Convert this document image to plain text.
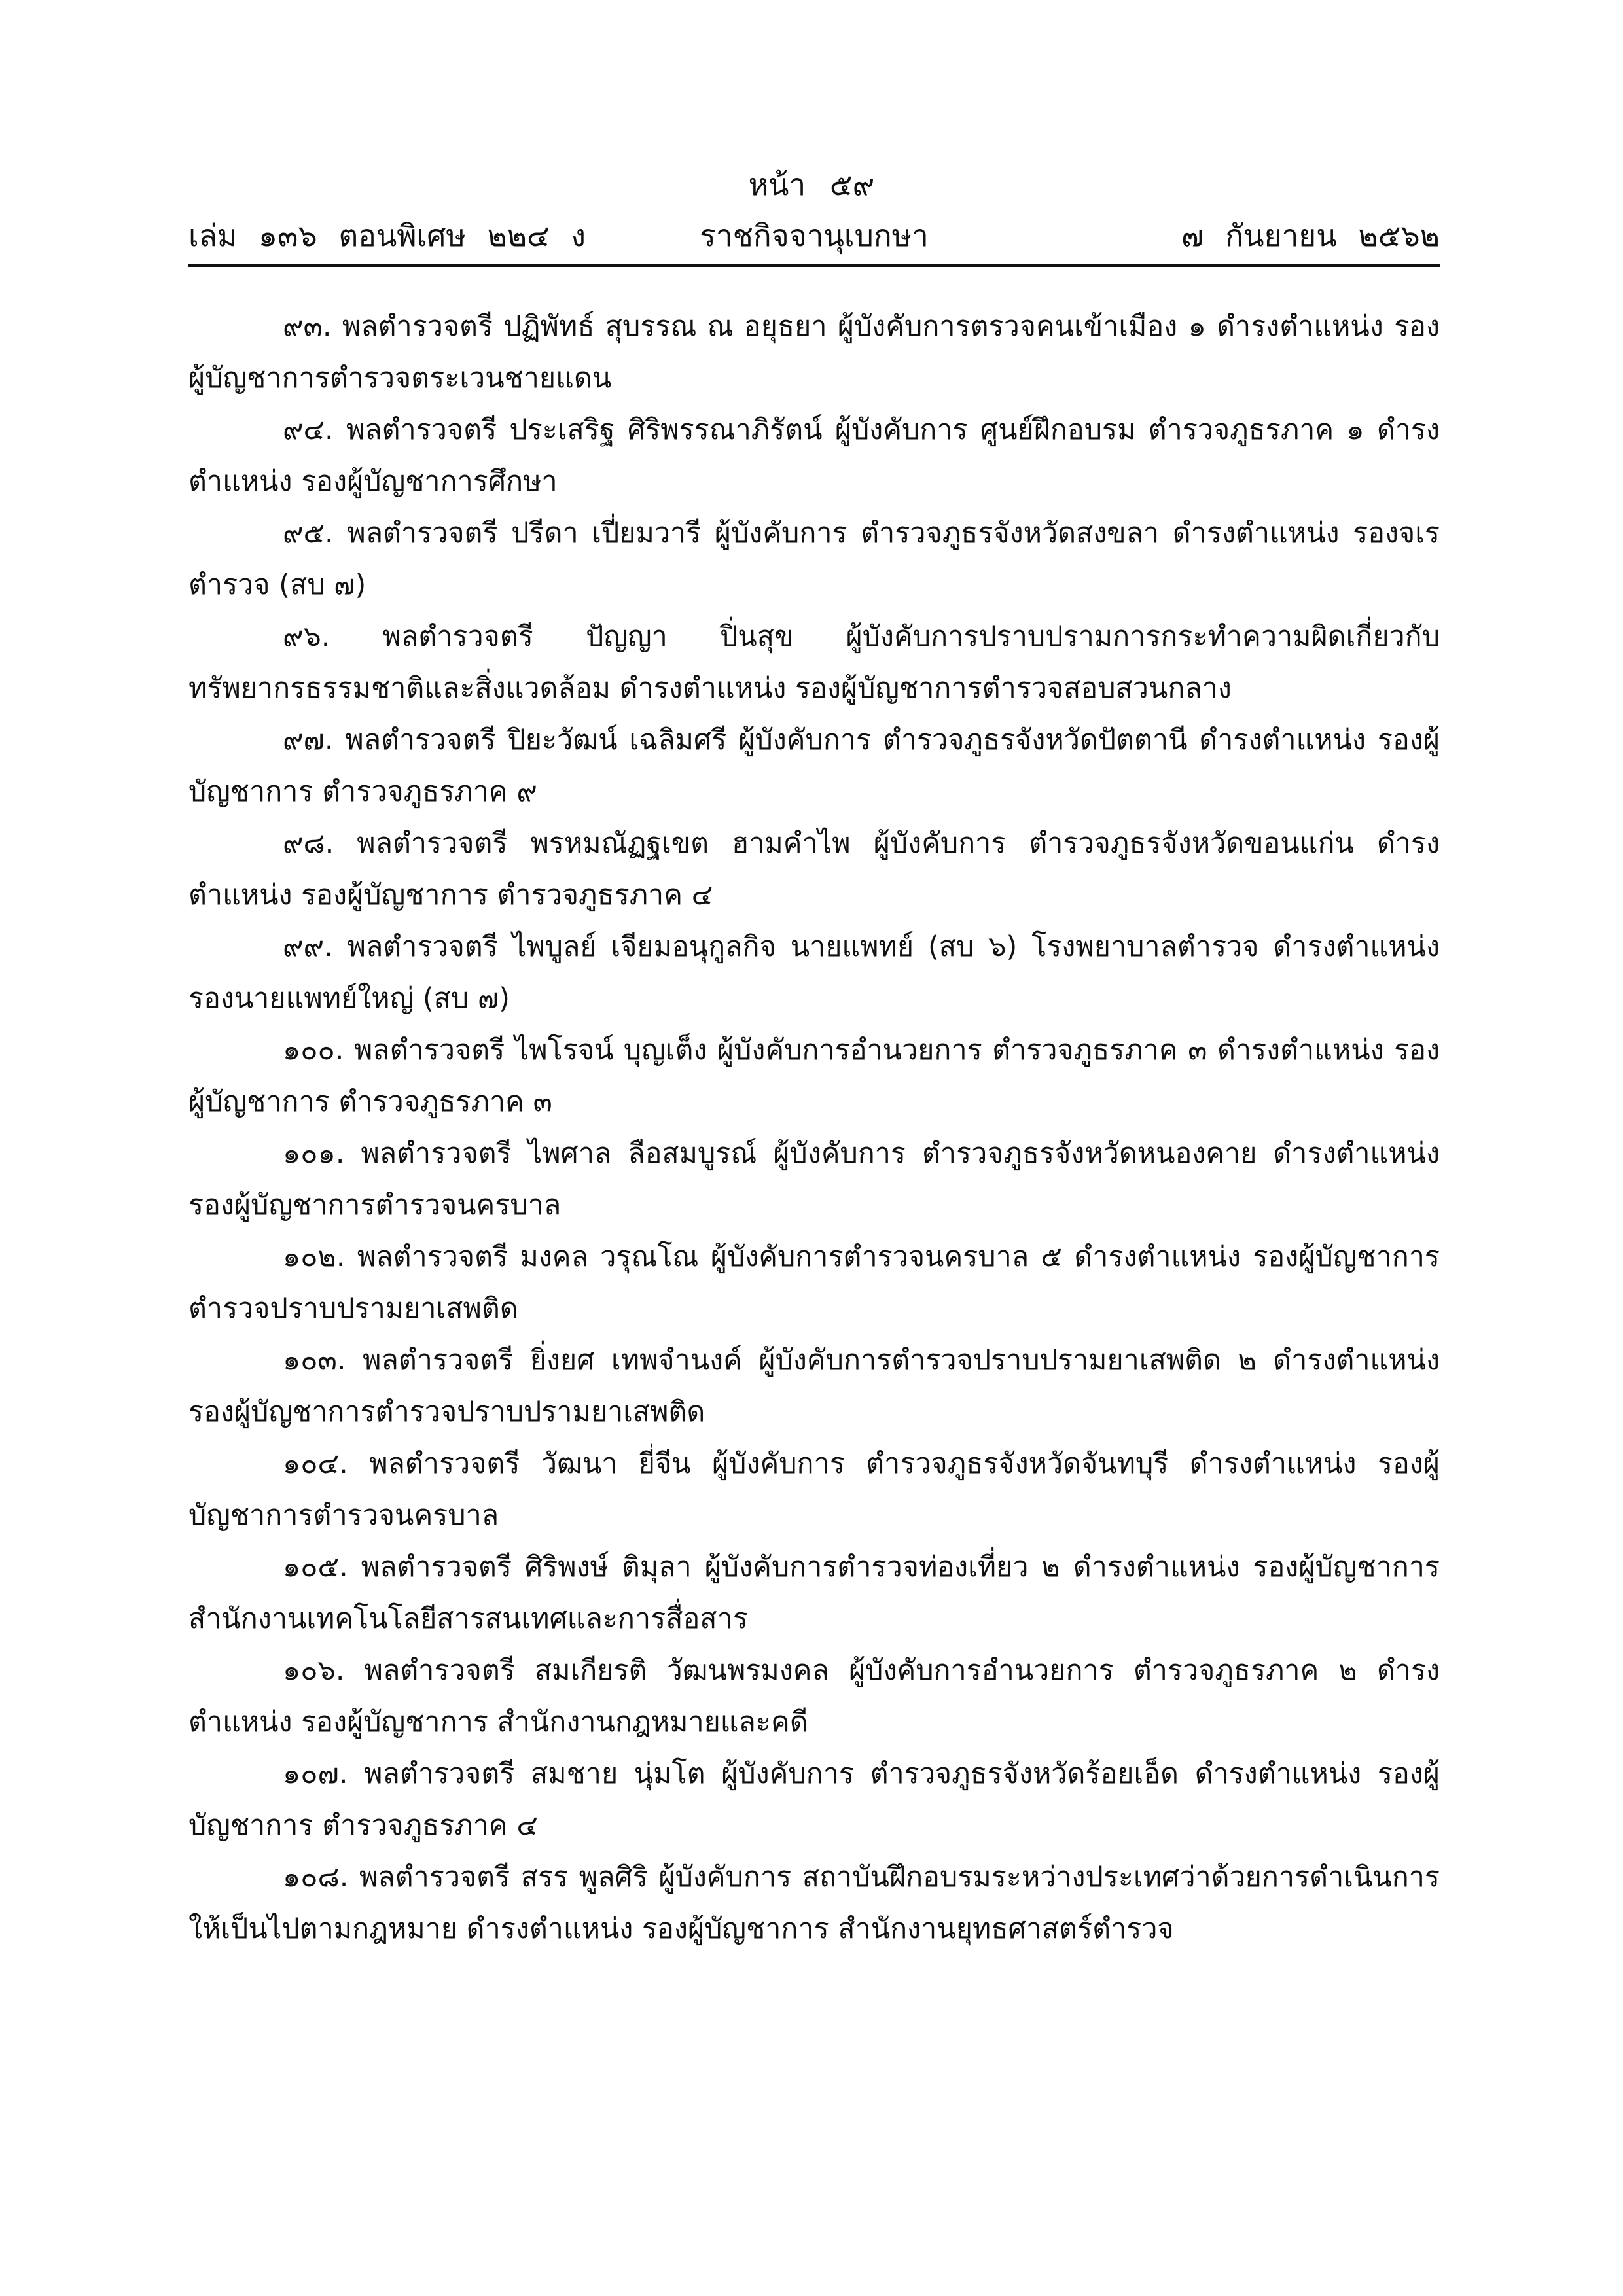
หน้า ๕๙
ราชกิจจานุเบกษา
เล่ม ๑๓๖ ตอนพิเศษ ๒๒๔ ง	๗ กันยายน ๒๕๖๒

๙๓. พลตำรวจตรี ปฏิพัทธ์ สุบรรณ ณ อยุธยา ผู้บังคับการตรวจคนเข้าเมือง ๑ ดำรงตำแหน่ง รองผู้บัญชาการตำรวจตระเวนชายแดน

๙๔. พลตำรวจตรี ประเสริฐ ศิริพรรณาภิรัตน์ ผู้บังคับการ ศูนย์ฝึกอบรม ตำรวจภูธรภาค ๑ ดำรงตำแหน่ง รองผู้บัญชาการศึกษา

๙๕. พลตำรวจตรี ปรีดา เปี่ยมวารี ผู้บังคับการ ตำรวจภูธรจังหวัดสงขลา ดำรงตำแหน่ง รองจเรตำรวจ (สบ ๗)

๙๖. พลตำรวจตรี ปัญญา ปิ่นสุข ผู้บังคับการปราบปรามการกระทำความผิดเกี่ยวกับทรัพยากรธรรมชาติและสิ่งแวดล้อม ดำรงตำแหน่ง รองผู้บัญชาการตำรวจสอบสวนกลาง

๙๗. พลตำรวจตรี ปิยะวัฒน์ เฉลิมศรี ผู้บังคับการ ตำรวจภูธรจังหวัดปัตตานี ดำรงตำแหน่ง รองผู้บัญชาการ ตำรวจภูธรภาค ๙

๙๘. พลตำรวจตรี พรหมณัฏฐเขต ฮามคำไพ ผู้บังคับการ ตำรวจภูธรจังหวัดขอนแก่น ดำรงตำแหน่ง รองผู้บัญชาการ ตำรวจภูธรภาค ๔

๙๙. พลตำรวจตรี ไพบูลย์ เจียมอนุกูลกิจ นายแพทย์ (สบ ๖) โรงพยาบาลตำรวจ ดำรงตำแหน่ง รองนายแพทย์ใหญ่ (สบ ๗)

๑๐๐. พลตำรวจตรี ไพโรจน์ บุญเต็ง ผู้บังคับการอำนวยการ ตำรวจภูธรภาค ๓ ดำรงตำแหน่ง รองผู้บัญชาการ ตำรวจภูธรภาค ๓

๑๐๑. พลตำรวจตรี ไพศาล ลือสมบูรณ์ ผู้บังคับการ ตำรวจภูธรจังหวัดหนองคาย ดำรงตำแหน่ง รองผู้บัญชาการตำรวจนครบาล

๑๐๒. พลตำรวจตรี มงคล วรุณโณ ผู้บังคับการตำรวจนครบาล ๕ ดำรงตำแหน่ง รองผู้บัญชาการตำรวจปราบปรามยาเสพติด

๑๐๓. พลตำรวจตรี ยิ่งยศ เทพจำนงค์ ผู้บังคับการตำรวจปราบปรามยาเสพติด ๒ ดำรงตำแหน่ง รองผู้บัญชาการตำรวจปราบปรามยาเสพติด

๑๐๔. พลตำรวจตรี วัฒนา ยี่จีน ผู้บังคับการ ตำรวจภูธรจังหวัดจันทบุรี ดำรงตำแหน่ง รองผู้บัญชาการตำรวจนครบาล

๑๐๕. พลตำรวจตรี ศิริพงษ์ ติมุลา ผู้บังคับการตำรวจท่องเที่ยว ๒ ดำรงตำแหน่ง รองผู้บัญชาการ สำนักงานเทคโนโลยีสารสนเทศและการสื่อสาร

๑๐๖. พลตำรวจตรี สมเกียรติ วัฒนพรมงคล ผู้บังคับการอำนวยการ ตำรวจภูธรภาค ๒ ดำรงตำแหน่ง รองผู้บัญชาการ สำนักงานกฎหมายและคดี

๑๐๗. พลตำรวจตรี สมชาย นุ่มโต ผู้บังคับการ ตำรวจภูธรจังหวัดร้อยเอ็ด ดำรงตำแหน่ง รองผู้บัญชาการ ตำรวจภูธรภาค ๔

๑๐๘. พลตำรวจตรี สรร พูลศิริ ผู้บังคับการ สถาบันฝึกอบรมระหว่างประเทศว่าด้วยการดำเนินการให้เป็นไปตามกฎหมาย ดำรงตำแหน่ง รองผู้บัญชาการ สำนักงานยุทธศาสตร์ตำรวจ
